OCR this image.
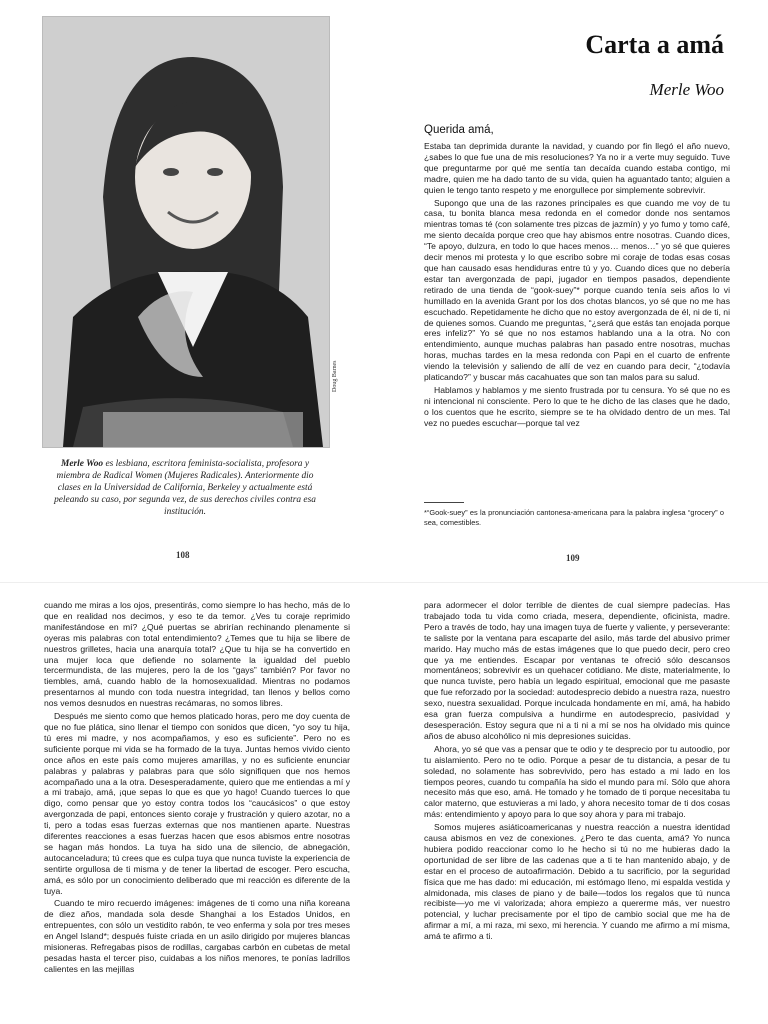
Doug Barnes
Merle Woo es lesbiana, escritora feminista-socialista, profesora y miembra de Radical Women (Mujeres Radicales). Anteriormente dio clases en la Universidad de California, Berkeley y actualmente está peleando su caso, por segunda vez, de sus derechos civiles contra esa institución.
108	109
Carta a amá
Merle Woo
Querida amá,

Estaba tan deprimida durante la navidad, y cuando por fin llegó el año nuevo, ¿sabes lo que fue una de mis resoluciones? Ya no ir a verte muy seguido. Tuve que preguntarme por qué me sentía tan decaída cuando estaba contigo, mi madre, quien me ha dado tanto de su vida, quien ha aguantado tanto; alguien a quien le tengo tanto respeto y me enorgullece por simplemente sobrevivir.

Supongo que una de las razones principales es que cuando me voy de tu casa, tu bonita blanca mesa redonda en el comedor donde nos sentamos mientras tomas té (con solamente tres pizcas de jazmín) y yo fumo y tomo café, me siento decaída porque creo que hay abismos entre nosotras. Cuando dices, “Te apoyo, dulzura, en todo lo que haces menos… menos…” yo sé que quieres decir menos mi protesta y lo que escribo sobre mi coraje de todas esas cosas que han causado esas hendiduras entre tú y yo. Cuando dices que no debería estar tan avergonzada de papi, jugador en tiempos pasados, dependiente retirado de una tienda de “gook-suey”* porque cuando tenía seis años lo vi humillado en la avenida Grant por los dos chotas blancos, yo sé que no me has escuchado. Repetidamente he dicho que no estoy avergonzada de él, ni de ti, ni de quienes somos. Cuando me preguntas, “¿será que estás tan enojada porque eres infeliz?” Yo sé que no nos estamos hablando una a la otra. No con entendimiento, aunque muchas palabras han pasado entre nosotras, muchas horas, muchas tardes en la mesa redonda con Papi en el cuarto de enfrente viendo la televisión y saliendo de allí de vez en cuando para decir, “¿todavía platicando?” y buscar más cacahuates que son tan malos para su salud.

Hablamos y hablamos y me siento frustrada por tu censura. Yo sé que no es ni intencional ni consciente. Pero lo que te he dicho de las clases que he dado, o los cuentos que he escrito, siempre se te ha olvidado dentro de un mes. Tal vez no puedes escuchar—porque tal vez

*“Gook-suey” es la pronunciación cantonesa-americana para la palabra inglesa “grocery” o sea, comestibles.

cuando me miras a los ojos, presentirás, como siempre lo has hecho, más de lo que en realidad nos decimos, y eso te da temor. ¿Ves tu coraje reprimido manifestándose en mí? ¿Qué puertas se abrirían rechinando plenamente si oyeras mis palabras con total entendimiento? ¿Temes que tu hija se libere de nuestros grilletes, hacia una anarquía total? ¿Que tu hija se ha convertido en una mujer loca que defiende no solamente la igualdad del pueblo tercermundista, de las mujeres, pero la de los “gays” también? Por favor no tiembles, amá, cuando hablo de la homosexualidad. Mientras no podamos presentarnos al mundo con toda nuestra integridad, tan llenos y bellos como nos vemos desnudos en nuestras recámaras, no somos libres.

Después me siento como que hemos platicado horas, pero me doy cuenta de que no fue plática, sino llenar el tiempo con sonidos que dicen, “yo soy tu hija, tú eres mi madre, y nos acompañamos, y eso es suficiente”. Pero no es suficiente porque mi vida se ha formado de la tuya. Juntas hemos vivido ciento once años en este país como mujeres amarillas, y no es suficiente enunciar palabras y palabras y palabras para que sólo signifiquen que nos hemos acompañado una a la otra. Desesperadamente, quiero que me entiendas a mí y a mi trabajo, amá, ¡que sepas lo que es que yo hago! Cuando tuerces lo que digo, como pensar que yo estoy contra todos los “caucásicos” o que estoy avergonzada de papi, entonces siento coraje y frustración y quiero azotar, no a ti, pero a todas esas fuerzas externas que nos mantienen aparte. Nuestras diferentes reacciones a esas fuerzas hacen que esos abismos entre nosotras se hagan más hondos. La tuya ha sido una de silencio, de abnegación, autocanceladura; tú crees que es culpa tuya que nunca tuviste la experiencia de sentirte orgullosa de ti misma y de tener la libertad de escoger. Pero escucha, amá, es sólo por un conocimiento deliberado que mi reacción es diferente de la tuya.

Cuando te miro recuerdo imágenes: imágenes de ti como una niña koreana de diez años, mandada sola desde Shanghai a los Estados Unidos, en entrepuentes, con sólo un vestidito rabón, te veo enferma y sola por tres meses en Angel Island*; después fuiste criada en un asilo dirigido por mujeres blancas misioneras. Refregabas pisos de rodillas, cargabas carbón en cubetas de metal pesadas hasta el tercer piso, cuidabas a los niños menores, te ponías ladrillos calientes en las mejillas

para adormecer el dolor terrible de dientes de cual siempre padecías. Has trabajado toda tu vida como criada, mesera, dependiente, oficinista, madre. Pero a través de todo, hay una imagen tuya de fuerte y valiente, y perseverante: te saliste por la ventana para escaparte del asilo, más tarde del abusivo primer marido. Hay mucho más de estas imágenes que lo que puedo decir, pero creo que ya me entiendes. Escapar por ventanas te ofreció sólo descansos momentáneos; sobrevivir es un quehacer cotidiano. Me diste, materialmente, lo que nunca tuviste, pero había un legado espiritual, emocional que me pasaste que fue reforzado por la sociedad: autodesprecio debido a nuestra raza, nuestro sexo, nuestra sexualidad. Porque inculcada hondamente en mí, amá, ha habido esa gran fuerza compulsiva a hundirme en autodesprecio, pasividad y desesperación. Estoy segura que ni a ti ni a mí se nos ha olvidado mis quince años de abuso alcohólico ni mis depresiones suicidas.

Ahora, yo sé que vas a pensar que te odio y te desprecio por tu autoodio, por tu aislamiento. Pero no te odio. Porque a pesar de tu distancia, a pesar de tu soledad, no solamente has sobrevivido, pero has estado a mi lado en los tiempos peores, cuando tu compañía ha sido el mundo para mí. Sólo que ahora necesito más que eso, amá. He tomado y he tomado de ti porque necesitaba tu calor materno, que estuvieras a mi lado, y ahora necesito tomar de ti dos cosas más: entendimiento y apoyo para lo que soy ahora y para mi trabajo.

Somos mujeres asiáticoamericanas y nuestra reacción a nuestra identidad causa abismos en vez de conexiones. ¿Pero te das cuenta, amá? Yo nunca hubiera podido reaccionar como lo he hecho si tú no me hubieras dado la oportunidad de ser libre de las cadenas que a ti te han mantenido abajo, y de estar en el proceso de autoafirmación. Debido a tu sacrificio, por la seguridad física que me has dado: mi educación, mi estómago lleno, mi espalda vestida y almidonada, mis clases de piano y de baile—todos los regalos que tú nunca recibiste—yo me vi valorizada; ahora empiezo a quererme más, ver nuestro potencial, y luchar precisamente por el tipo de cambio social que me ha de afirmar a mí, a mi raza, mi sexo, mi herencia. Y cuando me afirmo a mí misma, amá te afirmo a ti.
